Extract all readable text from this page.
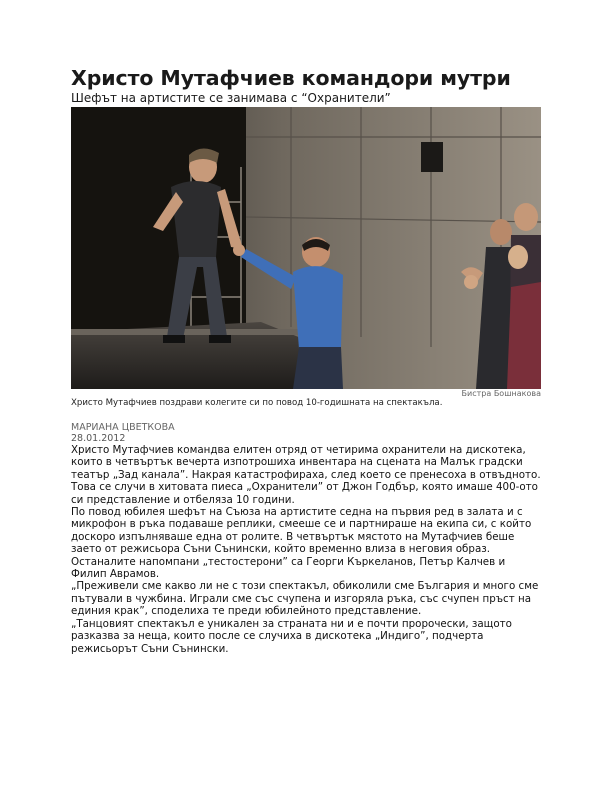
Христо Мутафчиев командори мутри
Шефът на артистите се занимава с “Охранители”
Бистра Бошнакова
Христо Мутафчиев поздрави колегите си по повод 10-годишната на спектакъла.
МАРИАНА ЦВЕТКОВА
28.01.2012

Христо Мутафчиев командва елитен отряд от четирима охранители на дискотека, които в четвъртък вечерта изпотрошиха инвентара на сцената на Малък градски театър „Зад канала”. Накрая катастрофираха, след което се пренесоха в отвъдното. Това се случи в хитовата пиеса „Охранители” от Джон Годбър, която имаше 400-ото си представление и отбеляза 10 години.

По повод юбилея шефът на Съюза на артистите седна на първия ред в залата и с микрофон в ръка подаваше реплики, смееше се и партнираше на екипа си, с който доскоро изпълняваше една от ролите. В четвъртък мястото на Мутафчиев беше заето от режисьора Съни Сънински, който временно влиза в неговия образ. Останалите напомпани „тестостерони” са Георги Къркеланов, Петър Калчев и Филип Аврамов.

„Преживели сме какво ли не с този спектакъл, обиколили сме България и много сме пътували в чужбина. Играли сме със счупена и изгоряла ръка, със счупен пръст на единия крак”, споделиха те преди юбилейното представление.

„Танцовият спектакъл е уникален за страната ни и е почти пророчески, защото разказва за неща, които после се случиха в дискотека „Индиго”, подчерта режисьорът Съни Сънински.
